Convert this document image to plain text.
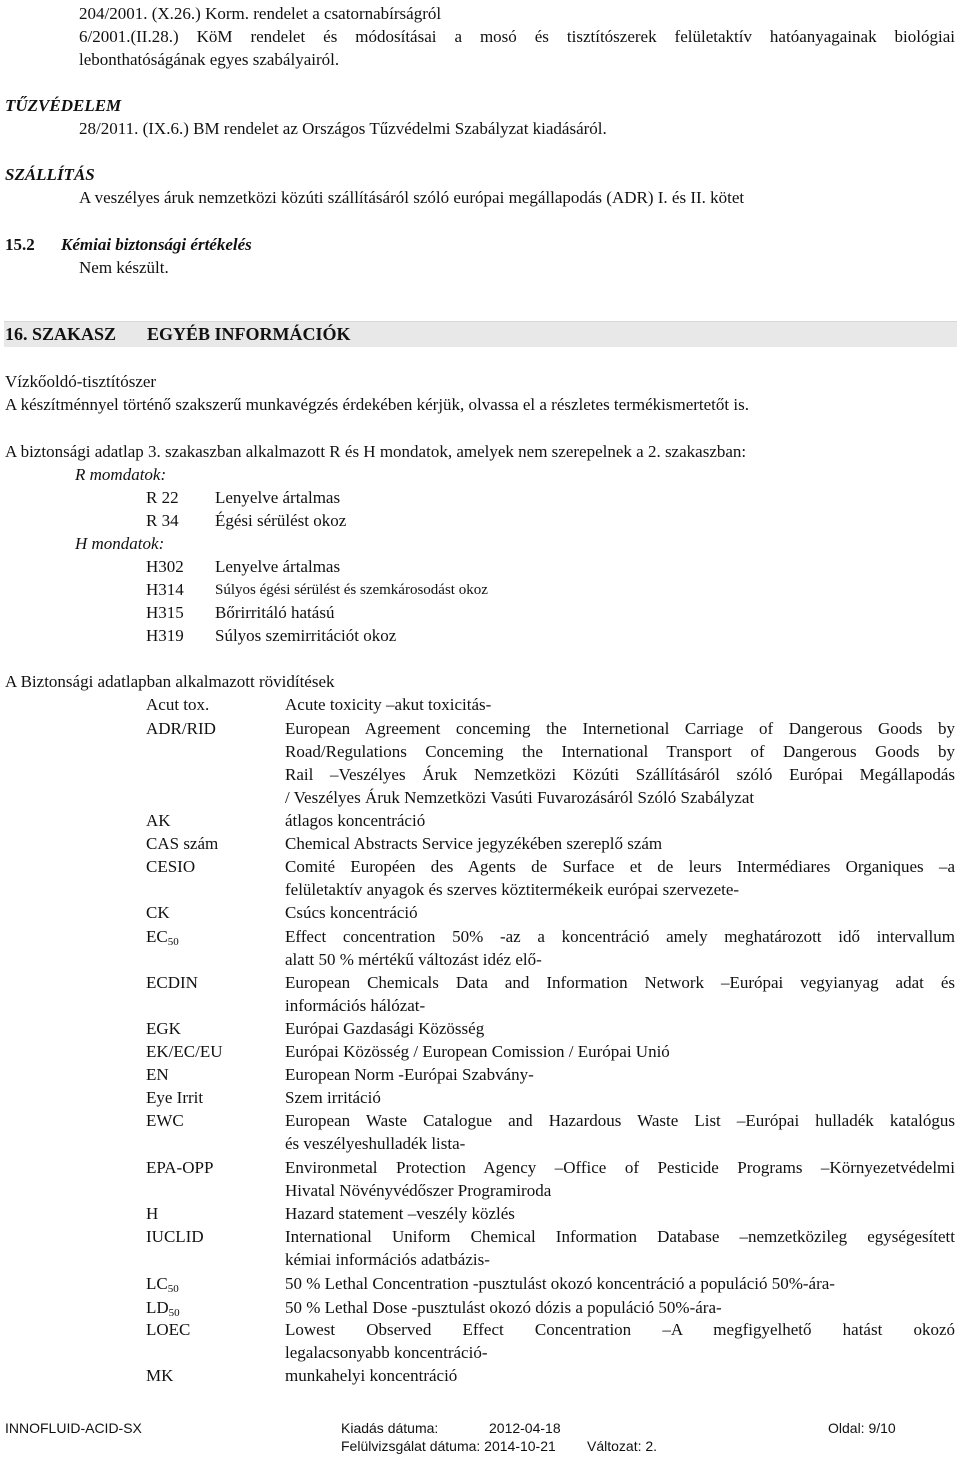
204/2001. (X.26.) Korm. rendelet a csatornabírságról
6/2001.(II.28.) KöM rendelet és módosításai a mosó és tisztítószerek felületaktív hatóanyagainak biológiai
lebonthatóságának egyes szabályairól.
TŰZVÉDELEM
28/2011. (IX.6.) BM rendelet az Országos Tűzvédelmi Szabályzat kiadásáról.
SZÁLLÍTÁS
A veszélyes áruk nemzetközi közúti szállításáról szóló európai megállapodás (ADR) I. és II. kötet
15.2 Kémiai biztonsági értékelés
Nem készült.
16. SZAKASZ EGYÉB INFORMÁCIÓK
Vízkőoldó-tisztítószer
A készítménnyel történő szakszerű munkavégzés érdekében kérjük, olvassa el a részletes termékismertetőt is.
A biztonsági adatlap 3. szakaszban alkalmazott R és H mondatok, amelyek nem szerepelnek a 2. szakaszban:
R momdatok:
R 22 Lenyelve ártalmas
R 34 Égési sérülést okoz
H mondatok:
H302 Lenyelve ártalmas
H314 Súlyos égési sérülést és szemkárosodást okoz
H315 Bőrirritáló hatású
H319 Súlyos szemirritációt okoz
A Biztonsági adatlapban alkalmazott rövidítések
Acut tox.	Acute toxicity –akut toxicitás-
ADR/RID	European Agreement conceming the Internetional Carriage of Dangerous Goods by
Road/Regulations Conceming the International Transport of Dangerous Goods by
Rail –Veszélyes Áruk Nemzetközi Közúti Szállításáról szóló Európai Megállapodás
/ Veszélyes Áruk Nemzetközi Vasúti Fuvarozásáról Szóló Szabályzat
AK	átlagos koncentráció
CAS szám	Chemical Abstracts Service jegyzékében szereplő szám
CESIO	Comité Européen des Agents de Surface et de leurs Intermédiares Organiques –a
felületaktív anyagok és szerves köztitermékeik európai szervezete-
CK	Csúcs koncentráció
$EC_{50}$	Effect concentration 50% -az a koncentráció amely meghatározott idő intervallum
alatt 50 % mértékű változást idéz elő-
ECDIN	European Chemicals Data and Information Network –Európai vegyianyag adat és
információs hálózat-
EGK	Európai Gazdasági Közösség
EK/EC/EU	Európai Közösség / European Comission / Európai Unió
EN	European Norm -Európai Szabvány-
Eye Irrit	Szem irritáció
EWC	European Waste Catalogue and Hazardous Waste List –Európai hulladék katalógus
és veszélyeshulladék lista-
EPA-OPP	Environmetal Protection Agency –Office of Pesticide Programs –Környezetvédelmi
Hivatal Növényvédőszer Programiroda
H	Hazard statement –veszély közlés
IUCLID	International Uniform Chemical Information Database –nemzetközileg egységesített
kémiai információs adatbázis-
$LC_{50}$	50 % Lethal Concentration -pusztulást okozó koncentráció a populáció 50%-ára-
$LD_{50}$	50 % Lethal Dose -pusztulást okozó dózis a populáció 50%-ára-
LOEC	Lowest Observed Effect Concentration –A megfigyelhető hatást okozó
legalacsonyabb koncentráció-
MK	munkahelyi koncentráció
INNOFLUID-ACID-SX	Kiadás dátuma:	2012-04-18	Oldal: 9/10
Felülvizsgálat dátuma: 2014-10-21 Változat: 2.
